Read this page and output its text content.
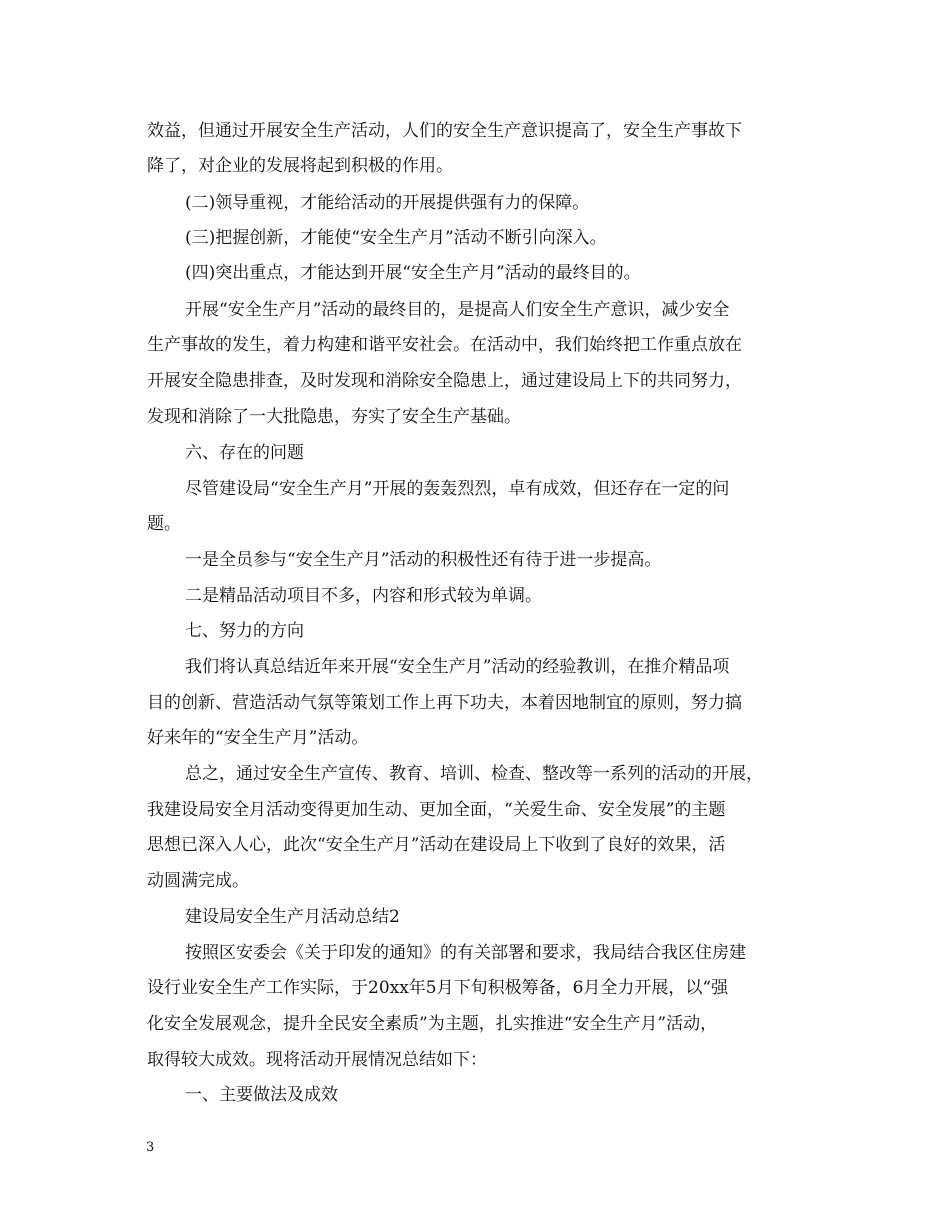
效益，但通过开展安全生产活动，人们的安全生产意识提高了，安全生产事故下
降了，对企业的发展将起到积极的作用。
(二)领导重视，才能给活动的开展提供强有力的保障。
(三)把握创新，才能使“安全生产月”活动不断引向深入。
(四)突出重点，才能达到开展“安全生产月”活动的最终目的。
开展“安全生产月”活动的最终目的，是提高人们安全生产意识，减少安全
生产事故的发生，着力构建和谐平安社会。在活动中，我们始终把工作重点放在
开展安全隐患排查，及时发现和消除安全隐患上，通过建设局上下的共同努力，
发现和消除了一大批隐患，夯实了安全生产基础。
六、存在的问题
尽管建设局“安全生产月”开展的轰轰烈烈，卓有成效，但还存在一定的问
题。
一是全员参与“安全生产月”活动的积极性还有待于进一步提高。
二是精品活动项目不多，内容和形式较为单调。
七、努力的方向
我们将认真总结近年来开展“安全生产月”活动的经验教训，在推介精品项
目的创新、营造活动气氛等策划工作上再下功夫，本着因地制宜的原则，努力搞
好来年的“安全生产月”活动。
总之，通过安全生产宣传、教育、培训、检查、整改等一系列的活动的开展，
我建设局安全月活动变得更加生动、更加全面，“关爱生命、安全发展”的主题
思想已深入人心，此次“安全生产月”活动在建设局上下收到了良好的效果，活
动圆满完成。
建设局安全生产月活动总结2
按照区安委会《关于印发的通知》的有关部署和要求，我局结合我区住房建
设行业安全生产工作实际，于20xx年5月下旬积极筹备，6月全力开展，以“强
化安全发展观念，提升全民安全素质”为主题，扎实推进“安全生产月”活动，
取得较大成效。现将活动开展情况总结如下：
一、主要做法及成效
3
